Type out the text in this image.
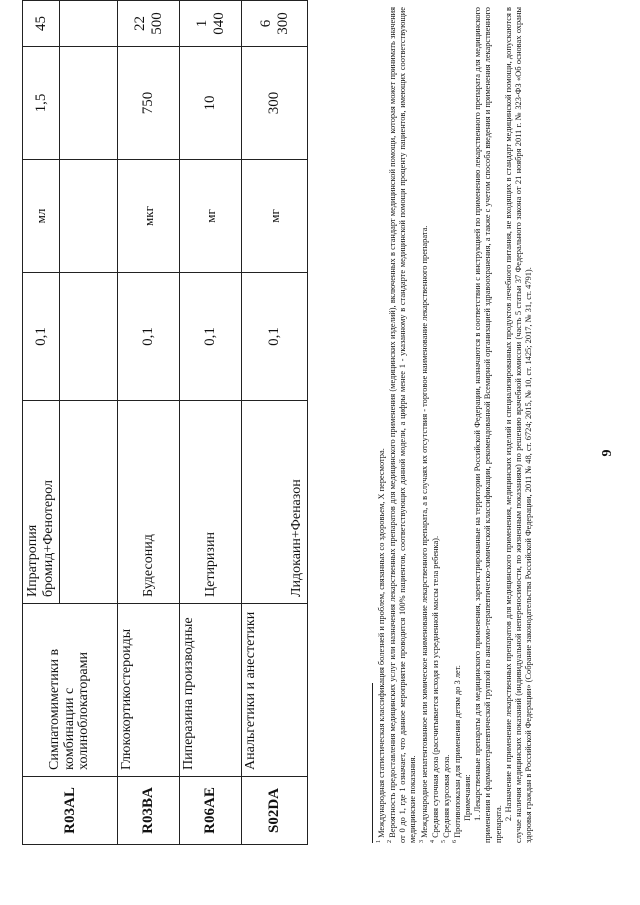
9
R03AL	Симпатомиметики в комбинации с холиноблокаторами	Ипратропия бромид+Фенотерол	0,1	мл	1,5	45

R03BA	Глюкокортикостероиды	Будесонид	0,1	мкг	750	22 500
R06AE	Пиперазина производные	Цетиризин	0,1	мг	10	1 040
S02DA	Анальгетики и анестетики	Лидокаин+Феназон	0,1	мг	300	6 300

$^1$ Международная статистическая классификация болезней и проблем, связанных со здоровьем, X пересмотра.

$^2$ Вероятность предоставления медицинских услуг или назначения лекарственных препаратов для медицинского применения (медицинских изделий), включенных в стандарт медицинской помощи, которая может принимать значения от 0 до 1, где 1 означает, что данное мероприятие проводится 100% пациентов, соответствующих данной модели, а цифры менее 1 - указанному в стандарте медицинской помощи проценту пациентов, имеющих соответствующие медицинские показания. $^3$ Международное непатентованное или химическое наименование лекарственного препарата, а в случаях их отсутствия - торговое наименование лекарственного препарата.

$^4$ Средняя суточная доза (рассчитывается исходя из усредненной массы тела ребенка).

$^5$ Средняя курсовая доза.

$^6$ Противопоказан для применения детям до 3 лет. Примечания: 1. Лекарственные препараты для медицинского применения, зарегистрированные на территории Российской Федерации, назначаются в соответствии с инструкцией по применению лекарственного препарата для медицинского применения и фармакотерапевтической группой по анатомо-терапевтическо-химической классификации, рекомендованной Всемирной организацией здравоохранения, а также с учетом способа введения и применения лекарственного препарата.

2. Назначение и применение лекарственных препаратов для медицинского применения, медицинских изделий и специализированных продуктов лечебного питания, не входящих в стандарт медицинской помощи, допускаются в случае наличия медицинских показаний (индивидуальной непереносимости, по жизненным показаниям) по решению врачебной комиссии (часть 5 статьи 37 Федерального закона от 21 ноября 2011 г. № 323-ФЗ «Об основах охраны здоровья граждан в Российской Федерации» (Собрание законодательства Российской Федерации, 2011 № 48, ст. 6724; 2015, № 10, ст. 1425; 2017, № 31, ст. 4791).
